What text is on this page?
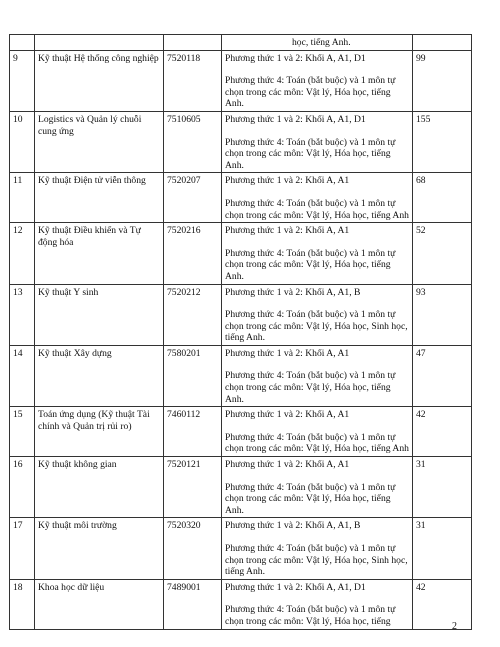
			học, tiếng Anh.	

9	Kỹ thuật Hệ thống công nghiệp	7520118	Phương thức 1 và 2: Khối A, A1, D1
Phương thức 4: Toán (bắt buộc) và 1 môn tự chọn trong các môn: Vật lý, Hóa học, tiếng Anh.	99
10	Logistics và Quản lý chuỗi cung ứng	7510605	Phương thức 1 và 2: Khối A, A1, D1
Phương thức 4: Toán (bắt buộc) và 1 môn tự chọn trong các môn: Vật lý, Hóa học, tiếng Anh.	155
11	Kỹ thuật Điện tử viễn thông	7520207	Phương thức 1 và 2: Khối A, A1
Phương thức 4: Toán (bắt buộc) và 1 môn tự chọn trong các môn: Vật lý, Hóa học, tiếng Anh	68
12	Kỹ thuật Điều khiển và Tự động hóa	7520216	Phương thức 1 và 2: Khối A, A1
Phương thức 4: Toán (bắt buộc) và 1 môn tự chọn trong các môn: Vật lý, Hóa học, tiếng Anh.	52
13	Kỹ thuật Y sinh	7520212	Phương thức 1 và 2: Khối A, A1, B
Phương thức 4: Toán (bắt buộc) và 1 môn tự chọn trong các môn: Vật lý, Hóa học, Sinh học, tiếng Anh.	93
14	Kỹ thuật Xây dựng	7580201	Phương thức 1 và 2: Khối A, A1
Phương thức 4: Toán (bắt buộc) và 1 môn tự chọn trong các môn: Vật lý, Hóa học, tiếng Anh.	47
15	Toán ứng dụng (Kỹ thuật Tài chính và Quản trị rủi ro)	7460112	Phương thức 1 và 2: Khối A, A1
Phương thức 4: Toán (bắt buộc) và 1 môn tự chọn trong các môn: Vật lý, Hóa học, tiếng Anh	42
16	Kỹ thuật không gian	7520121	Phương thức 1 và 2: Khối A, A1
Phương thức 4: Toán (bắt buộc) và 1 môn tự chọn trong các môn: Vật lý, Hóa học, tiếng Anh.	31
17	Kỹ thuật môi trường	7520320	Phương thức 1 và 2: Khối A, A1, B
Phương thức 4: Toán (bắt buộc) và 1 môn tự chọn trong các môn: Vật lý, Hóa học, Sinh học, tiếng Anh.	31
18	Khoa học dữ liệu	7489001	Phương thức 1 và 2: Khối A, A1, D1
Phương thức 4: Toán (bắt buộc) và 1 môn tự chọn trong các môn: Vật lý, Hóa học, tiếng	42
2
